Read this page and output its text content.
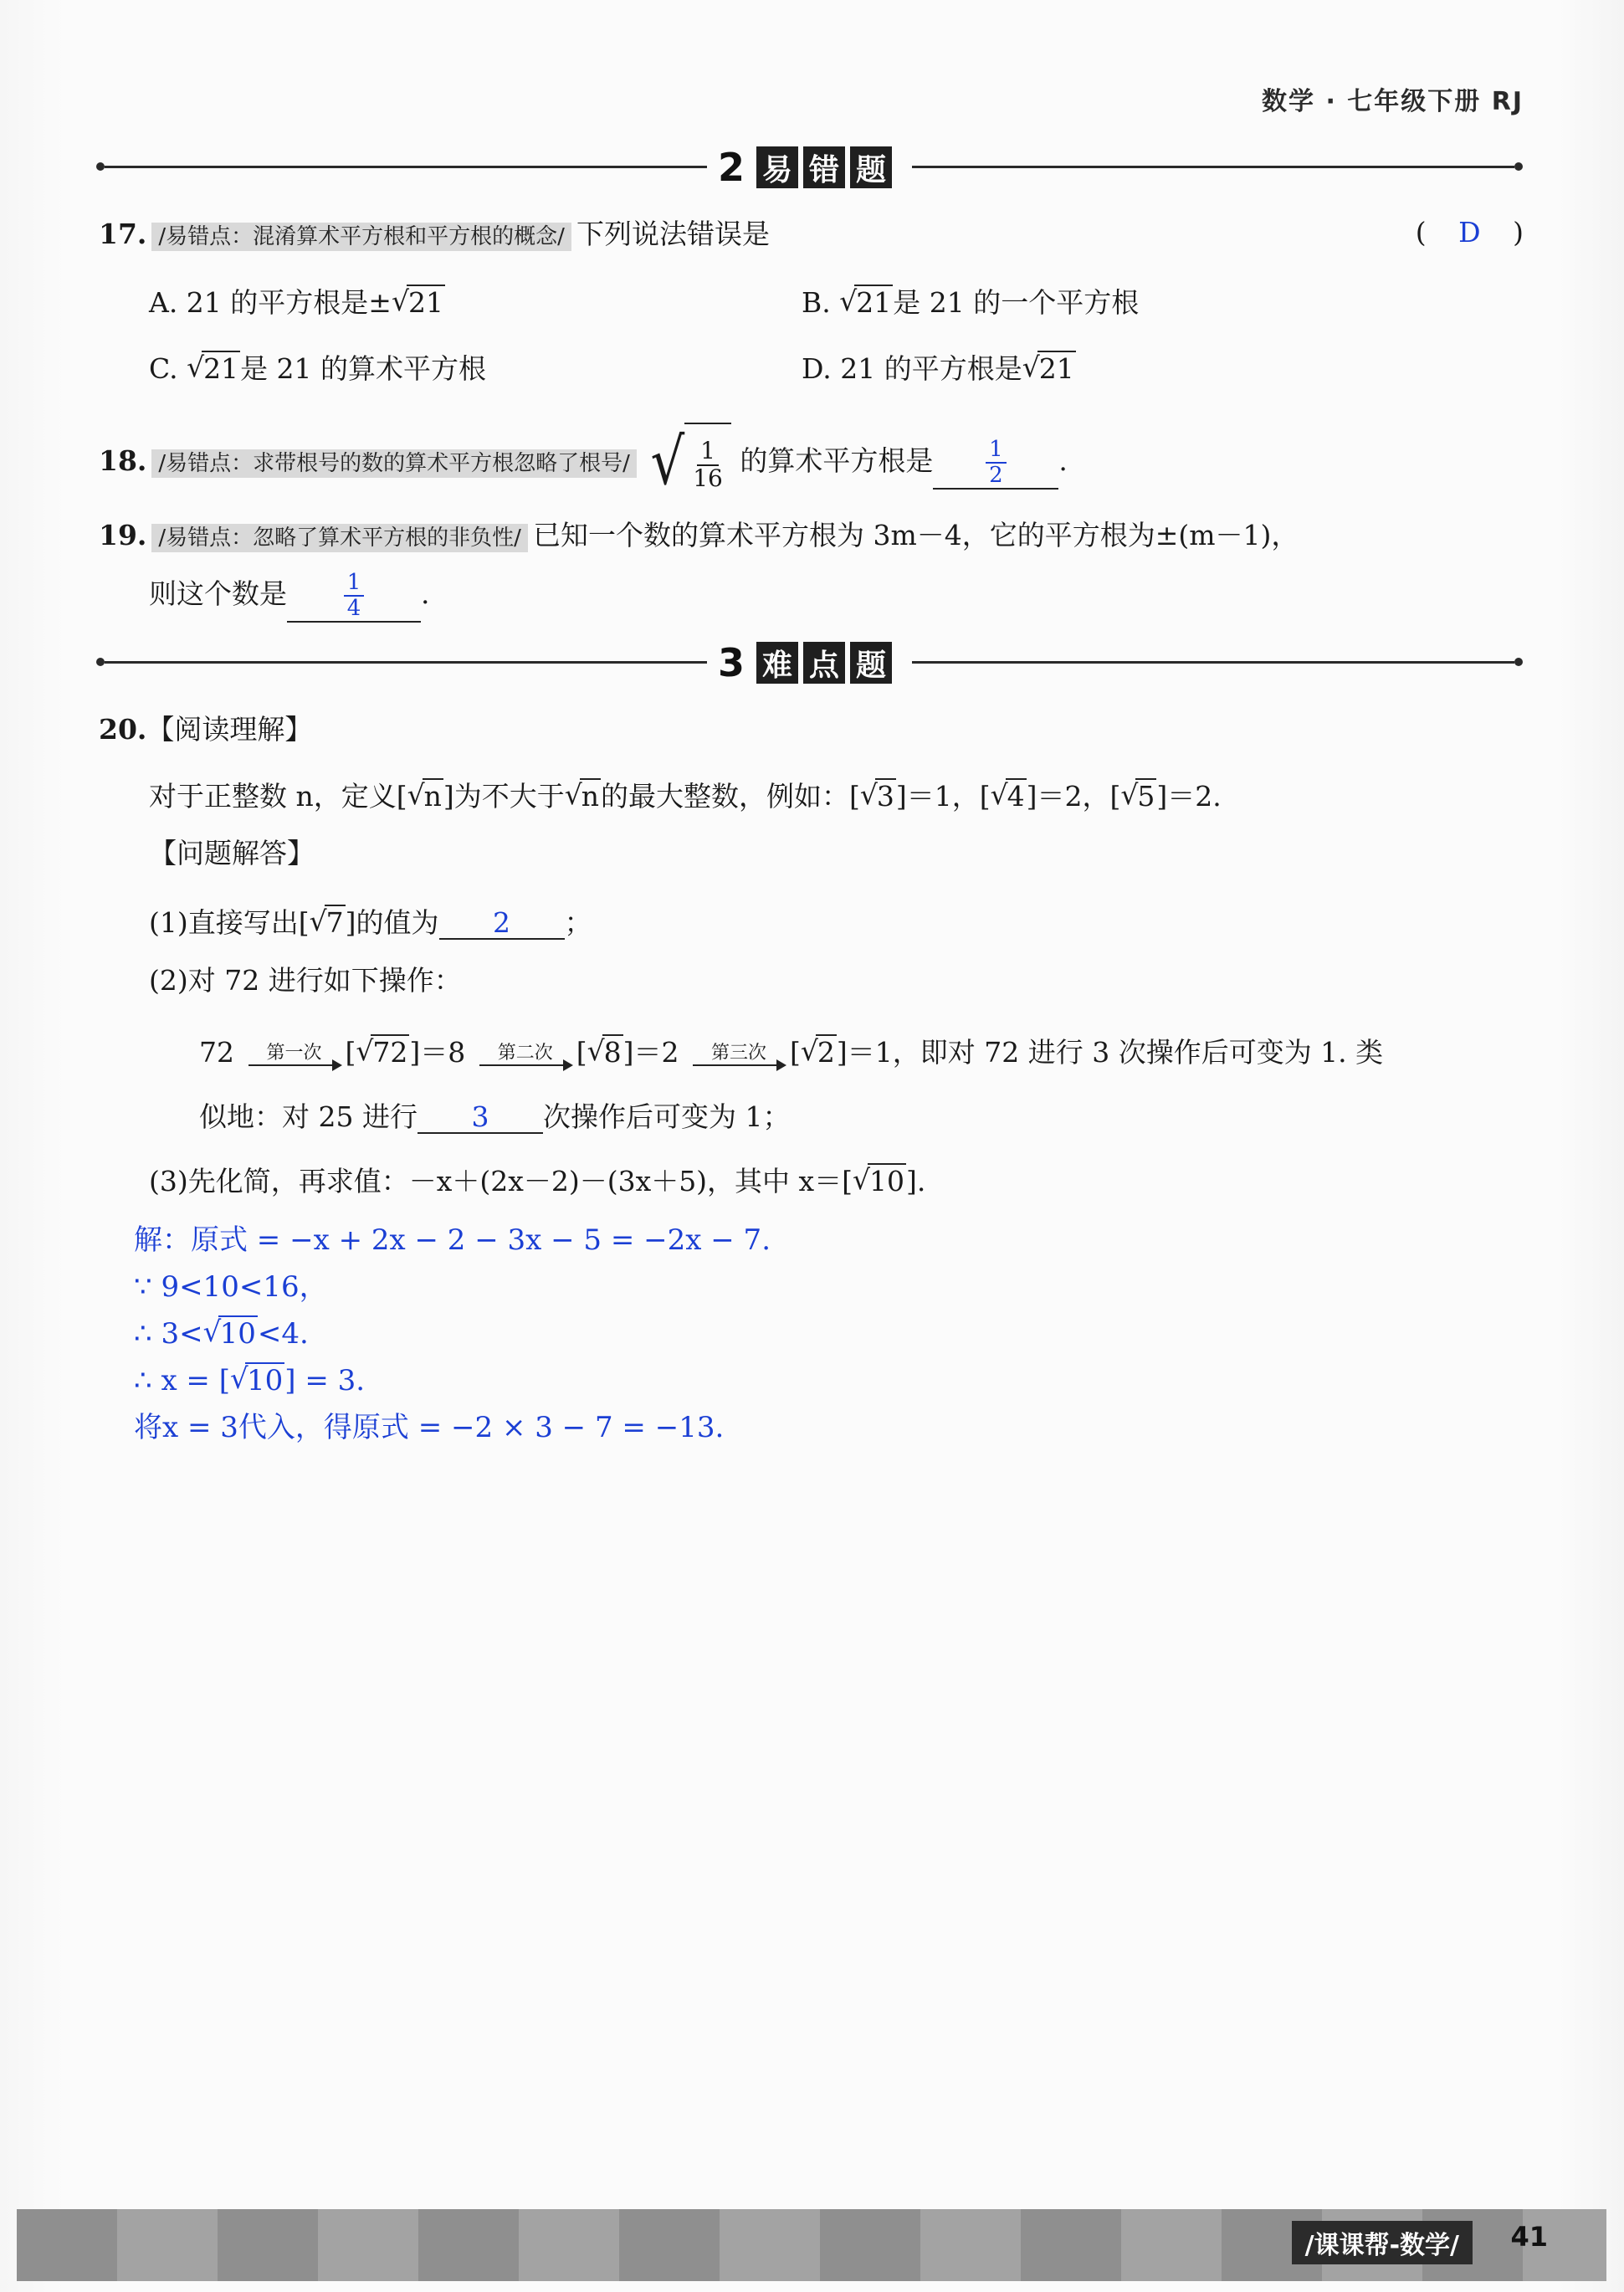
数学 · 七年级下册 RJ
2 易 错 题
17. /易错点：混淆算术平方根和平方根的概念/ 下列说法错误是	( D )
A. 21 的平方根是± √ 21	B. √ 21是 21 的一个平方根
C. √ 21是 21 的算术平方根	D. 21 的平方根是 √ 21
18. /易错点：求带根号的数的算术平方根忽略了根号/ √ $\frac{1}{16}$ 的算术平方根是 $\frac{1}{2}$ .
19. /易错点：忽略了算术平方根的非负性/ 已知一个数的算术平方根为 3m－4，它的平方根为±(m－1)，
则这个数是	$\frac{1}{4}$ .
3 难 点 题
20.【阅读理解】
对于正整数 n，定义[ √ n]为不大于 √ n的最大整数，例如：[ √ 3]＝1，[ √ 4]＝2，[ √ 5]＝2.
【问题解答】
(1)直接写出[ √ 7]的值为 2 ；
(2)对 72 进行如下操作：
72 第一次 [ √ 72]＝8 第二次 [ √ 8]＝2 第三次 [ √ 2]＝1，即对 72 进行 3 次操作后可变为 1. 类
似地：对 25 进行 3 次操作后可变为 1；
(3)先化简，再求值：－x＋(2x－2)－(3x＋5)，其中 x＝[ √ 10].
解：原式 = −x + 2x − 2 − 3x − 5 = −2x − 7.
∵ 9<10<16，
∴ 3< √ 10<4.
∴ x = [ √ 10] = 3.
将x = 3代入，得原式 = −2 × 3 − 7 = −13.
/课课帮-数学/	41
